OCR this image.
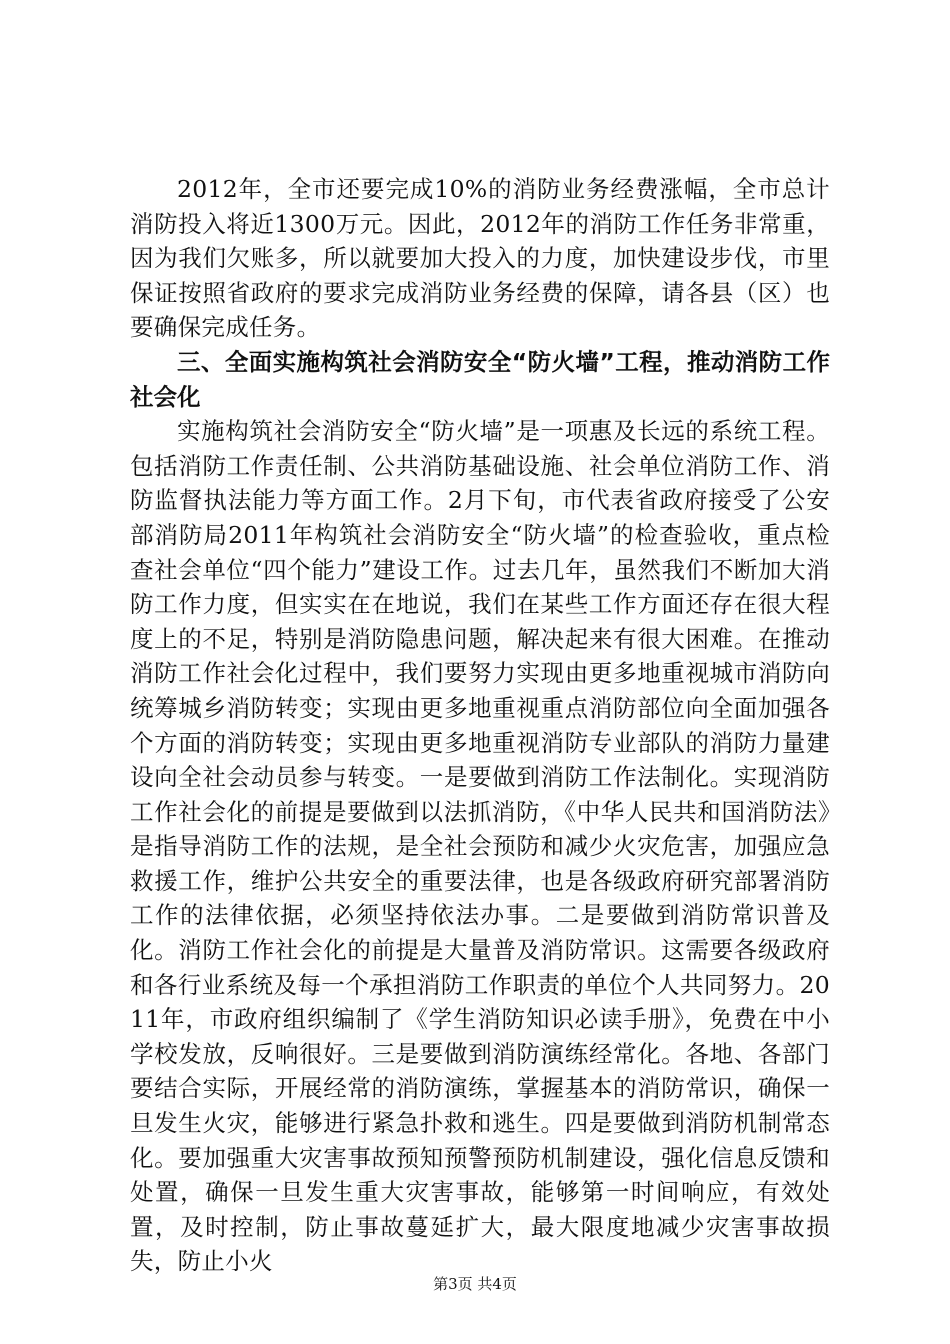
2012年，全市还要完成10%的消防业务经费涨幅，全市总计消防投入将近1300万元。因此，2012年的消防工作任务非常重，因为我们欠账多，所以就要加大投入的力度，加快建设步伐，市里保证按照省政府的要求完成消防业务经费的保障，请各县（区）也要确保完成任务。

三、全面实施构筑社会消防安全“防火墙”工程，推动消防工作社会化

实施构筑社会消防安全“防火墙”是一项惠及长远的系统工程。包括消防工作责任制、公共消防基础设施、社会单位消防工作、消防监督执法能力等方面工作。2月下旬，市代表省政府接受了公安部消防局2011年构筑社会消防安全“防火墙”的检查验收，重点检查社会单位“四个能力”建设工作。过去几年，虽然我们不断加大消防工作力度，但实实在在地说，我们在某些工作方面还存在很大程度上的不足，特别是消防隐患问题，解决起来有很大困难。在推动消防工作社会化过程中，我们要努力实现由更多地重视城市消防向统筹城乡消防转变；实现由更多地重视重点消防部位向全面加强各个方面的消防转变；实现由更多地重视消防专业部队的消防力量建设向全社会动员参与转变。一是要做到消防工作法制化。实现消防工作社会化的前提是要做到以法抓消防，《中华人民共和国消防法》是指导消防工作的法规，是全社会预防和减少火灾危害，加强应急救援工作，维护公共安全的重要法律，也是各级政府研究部署消防工作的法律依据，必须坚持依法办事。二是要做到消防常识普及化。消防工作社会化的前提是大量普及消防常识。这需要各级政府和各行业系统及每一个承担消防工作职责的单位个人共同努力。2011年，市政府组织编制了《学生消防知识必读手册》，免费在中小学校发放，反响很好。三是要做到消防演练经常化。各地、各部门要结合实际，开展经常的消防演练，掌握基本的消防常识，确保一旦发生火灾，能够进行紧急扑救和逃生。四是要做到消防机制常态化。要加强重大灾害事故预知预警预防机制建设，强化信息反馈和处置，确保一旦发生重大灾害事故，能够第一时间响应，有效处置，及时控制，防止事故蔓延扩大，最大限度地减少灾害事故损失，防止小火

第3页 共4页
